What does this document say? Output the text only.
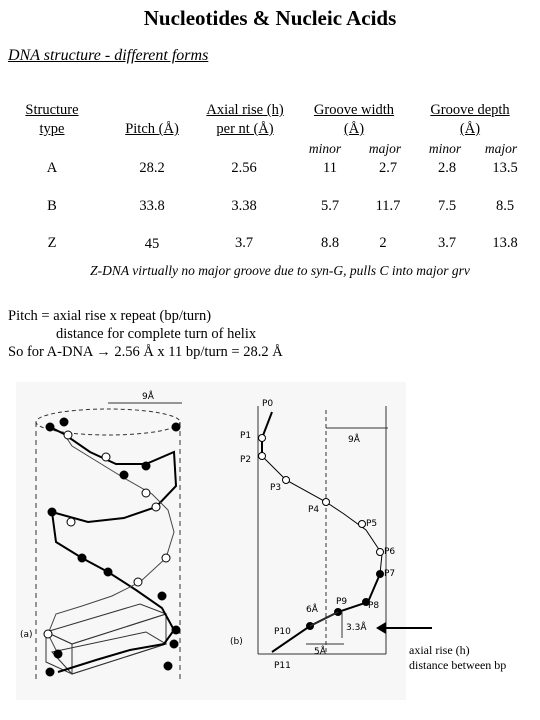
Nucleotides & Nucleic Acids
DNA structure - different forms
Structure
type	Pitch (Å)
Axial rise (h)
per nt (Å)
Groove width
(Å)
Groove depth
(Å)
minor	major	minor	major
A	28.2	2.56	11	2.7	2.8	13.5
B	33.8	3.38	5.7	11.7	7.5	8.5
Z	45	3.7	8.8	2	3.7	13.8
Z-DNA virtually no major groove due to syn-G, pulls C into major grv
Pitch = axial rise x repeat (bp/turn)
distance for complete turn of helix
So for A-DNA → 2.56 Å x 11 bp/turn = 28.2 Å
9Å
(a)
P0
P1
P2
P3
P4
P5
P6
P7
P8
P9
P10
P11
9Å
6Å
5Å
3.3Å
(b)
axial rise (h)
distance between bp
